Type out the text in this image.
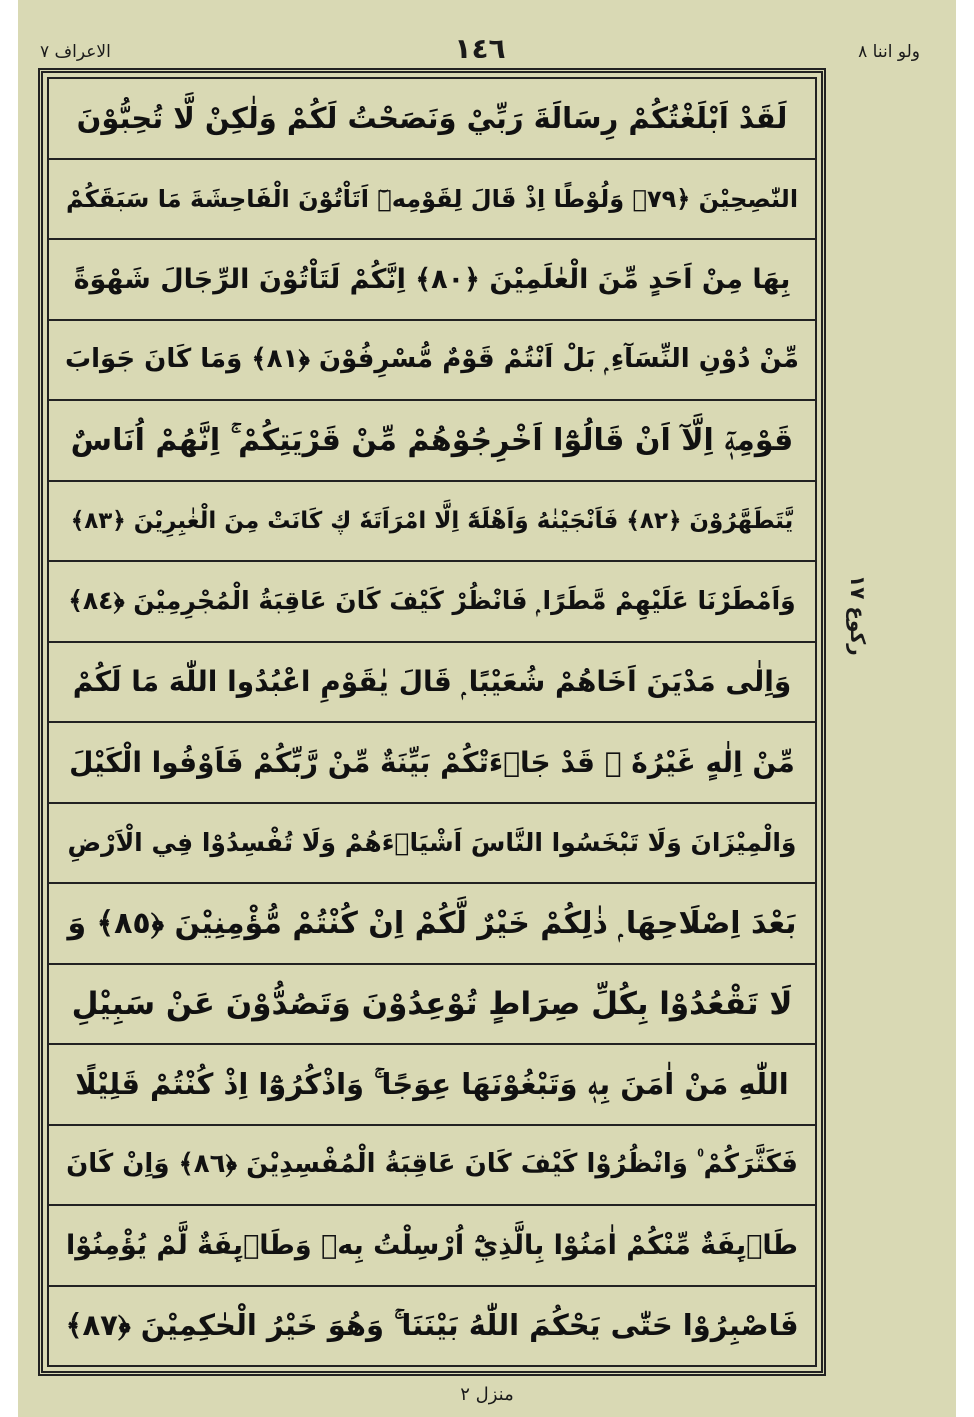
ولو اننا ٨
١٤٦
الاعراف ٧
لَقَدْ اَبْلَغْتُكُمْ رِسَالَةَ رَبِّيْ وَنَصَحْتُ لَكُمْ وَلٰكِنْ لَّا تُحِبُّوْنَ
النّٰصِحِيْنَ ﴿٧٩﴾ وَلُوْطًا اِذْ قَالَ لِقَوْمِهٖٓ اَتَاْتُوْنَ الْفَاحِشَةَ مَا سَبَقَكُمْ
بِهَا مِنْ اَحَدٍ مِّنَ الْعٰلَمِيْنَ ﴿٨٠﴾ اِنَّكُمْ لَتَاْتُوْنَ الرِّجَالَ شَهْوَةً
مِّنْ دُوْنِ النِّسَآءِ ۭ بَلْ اَنْتُمْ قَوْمٌ مُّسْرِفُوْنَ ﴿٨١﴾ وَمَا كَانَ جَوَابَ
قَوْمِهٖٓ اِلَّآ اَنْ قَالُوْٓا اَخْرِجُوْهُمْ مِّنْ قَرْيَتِكُمْ ۚ اِنَّهُمْ اُنَاسٌ
يَّتَطَهَّرُوْنَ ﴿٨٢﴾ فَاَنْجَيْنٰهُ وَاَهْلَهٗٓ اِلَّا امْرَاَتَهٗ ڮ كَانَتْ مِنَ الْغٰبِرِيْنَ ﴿٨٣﴾
وَاَمْطَرْنَا عَلَيْهِمْ مَّطَرًا ۭ فَانْظُرْ كَيْفَ كَانَ عَاقِبَةُ الْمُجْرِمِيْنَ ﴿٨٤﴾
وَاِلٰى مَدْيَنَ اَخَاهُمْ شُعَيْبًا ۭ قَالَ يٰقَوْمِ اعْبُدُوا اللّٰهَ مَا لَكُمْ
مِّنْ اِلٰهٍ غَيْرُهٗ ۭ قَدْ جَاۗءَتْكُمْ بَيِّنَةٌ مِّنْ رَّبِّكُمْ فَاَوْفُوا الْكَيْلَ
وَالْمِيْزَانَ وَلَا تَبْخَسُوا النَّاسَ اَشْيَاۗءَهُمْ وَلَا تُفْسِدُوْا فِي الْاَرْضِ
بَعْدَ اِصْلَاحِهَا ۭ ذٰلِكُمْ خَيْرٌ لَّكُمْ اِنْ كُنْتُمْ مُّؤْمِنِيْنَ ﴿٨٥﴾ وَ
لَا تَقْعُدُوْا بِكُلِّ صِرَاطٍ تُوْعِدُوْنَ وَتَصُدُّوْنَ عَنْ سَبِيْلِ
اللّٰهِ مَنْ اٰمَنَ بِهٖ وَتَبْغُوْنَهَا عِوَجًا ۚ وَاذْكُرُوْٓا اِذْ كُنْتُمْ قَلِيْلًا
فَكَثَّرَكُمْ ۠ وَانْظُرُوْا كَيْفَ كَانَ عَاقِبَةُ الْمُفْسِدِيْنَ ﴿٨٦﴾ وَاِنْ كَانَ
طَاۗىِٕفَةٌ مِّنْكُمْ اٰمَنُوْا بِالَّذِيْٓ اُرْسِلْتُ بِهٖ وَطَاۗىِٕفَةٌ لَّمْ يُؤْمِنُوْا
فَاصْبِرُوْا حَتّٰى يَحْكُمَ اللّٰهُ بَيْنَنَا ۚ وَهُوَ خَيْرُ الْحٰكِمِيْنَ ﴿٨٧﴾
ركوع ١٧
منزل ٢
